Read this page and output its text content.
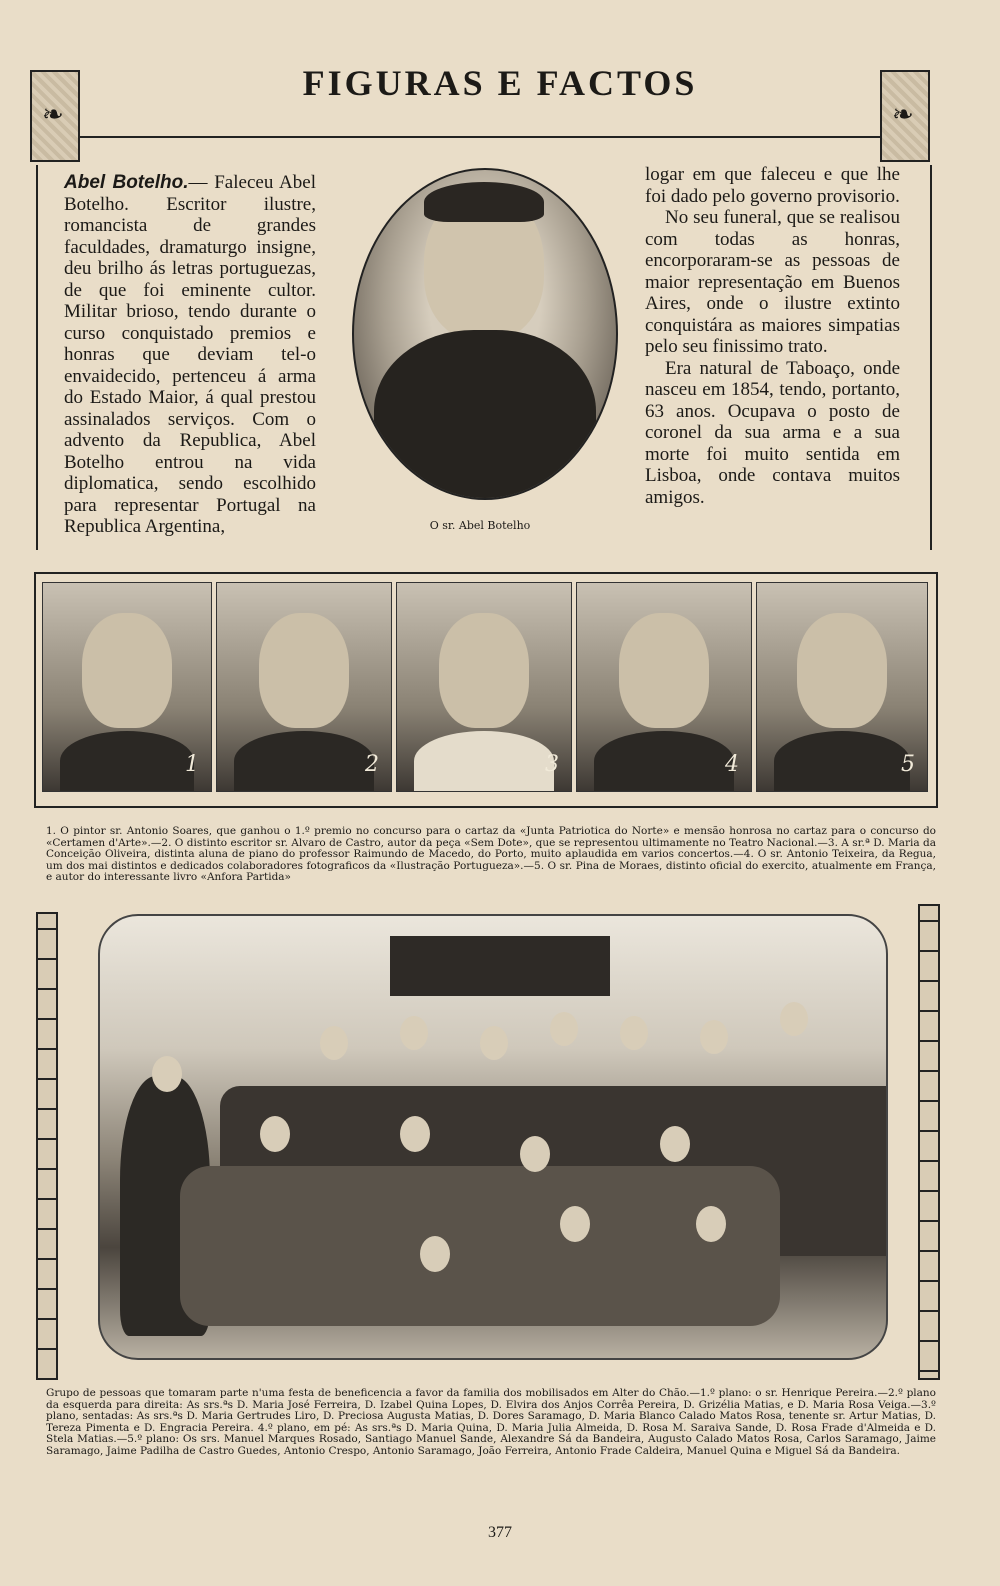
❧
❧
FIGURAS E FACTOS

Abel Botelho.— Faleceu Abel Botelho. Escritor ilustre, romancista de grandes faculdades, dramaturgo insigne, deu brilho ás letras portuguezas, de que foi eminente cultor. Militar brioso, tendo durante o curso conquistado premios e honras que deviam tel-o envaidecido, pertenceu á arma do Estado Maior, á qual prestou assinalados serviços. Com o advento da Republica, Abel Botelho entrou na vida diplomatica, sendo escolhido para representar Portugal na Republica Argentina,	O sr. Abel Botelho

logar em que faleceu e que lhe foi dado pelo governo provisorio.

No seu funeral, que se realisou com todas as honras, encorporaram-se as pessoas de maior representação em Buenos Aires, onde o ilustre extinto conquistára as maiores simpatias pelo seu finissimo trato.

Era natural de Taboaço, onde nasceu em 1854, tendo, portanto, 63 anos. Ocupava o posto de coronel da sua arma e a sua morte foi muito sentida em Lisboa, onde contava muitos amigos.

1	2	3	4	5
1. O pintor sr. Antonio Soares, que ganhou o 1.º premio no concurso para o cartaz da «Junta Patriotica do Norte» e mensão honrosa no cartaz para o concurso do «Certamen d'Arte».—2. O distinto escritor sr. Alvaro de Castro, autor da peça «Sem Dote», que se representou ultimamente no Teatro Nacional.—3. A sr.ª D. Maria da Conceição Oliveira, distinta aluna de piano do professor Raimundo de Macedo, do Porto, muito aplaudida em varios concertos.—4. O sr. Antonio Teixeira, da Regua, um dos mai distintos e dedicados colaboradores fotograficos da «Ilustração Portugueza».—5. O sr. Pina de Moraes, distinto oficial do exercito, atualmente em França, e autor do interessante livro «Anfora Partida»
Grupo de pessoas que tomaram parte n'uma festa de beneficencia a favor da familia dos mobilisados em Alter do Chão.—1.º plano: o sr. Henrique Pereira.—2.º plano da esquerda para direita: As srs.ªs D. Maria José Ferreira, D. Izabel Quina Lopes, D. Elvira dos Anjos Corrêa Pereira, D. Grizélia Matias, e D. Maria Rosa Veiga.—3.º plano, sentadas: As srs.ªs D. Maria Gertrudes Liro, D. Preciosa Augusta Matias, D. Dores Saramago, D. Maria Blanco Calado Matos Rosa, tenente sr. Artur Matias, D. Tereza Pimenta e D. Engracia Pereira. 4.º plano, em pé: As srs.ªs D. Maria Quina, D. Maria Julia Almeida, D. Rosa M. Saraiva Sande, D. Rosa Frade d'Almeida e D. Stela Matias.—5.º plano: Os srs. Manuel Marques Rosado, Santiago Manuel Sande, Alexandre Sá da Bandeira, Augusto Calado Matos Rosa, Carlos Saramago, Jaime Saramago, Jaime Padilha de Castro Guedes, Antonio Crespo, Antonio Saramago, João Ferreira, Antonio Frade Caldeira, Manuel Quina e Miguel Sá da Bandeira.
377
